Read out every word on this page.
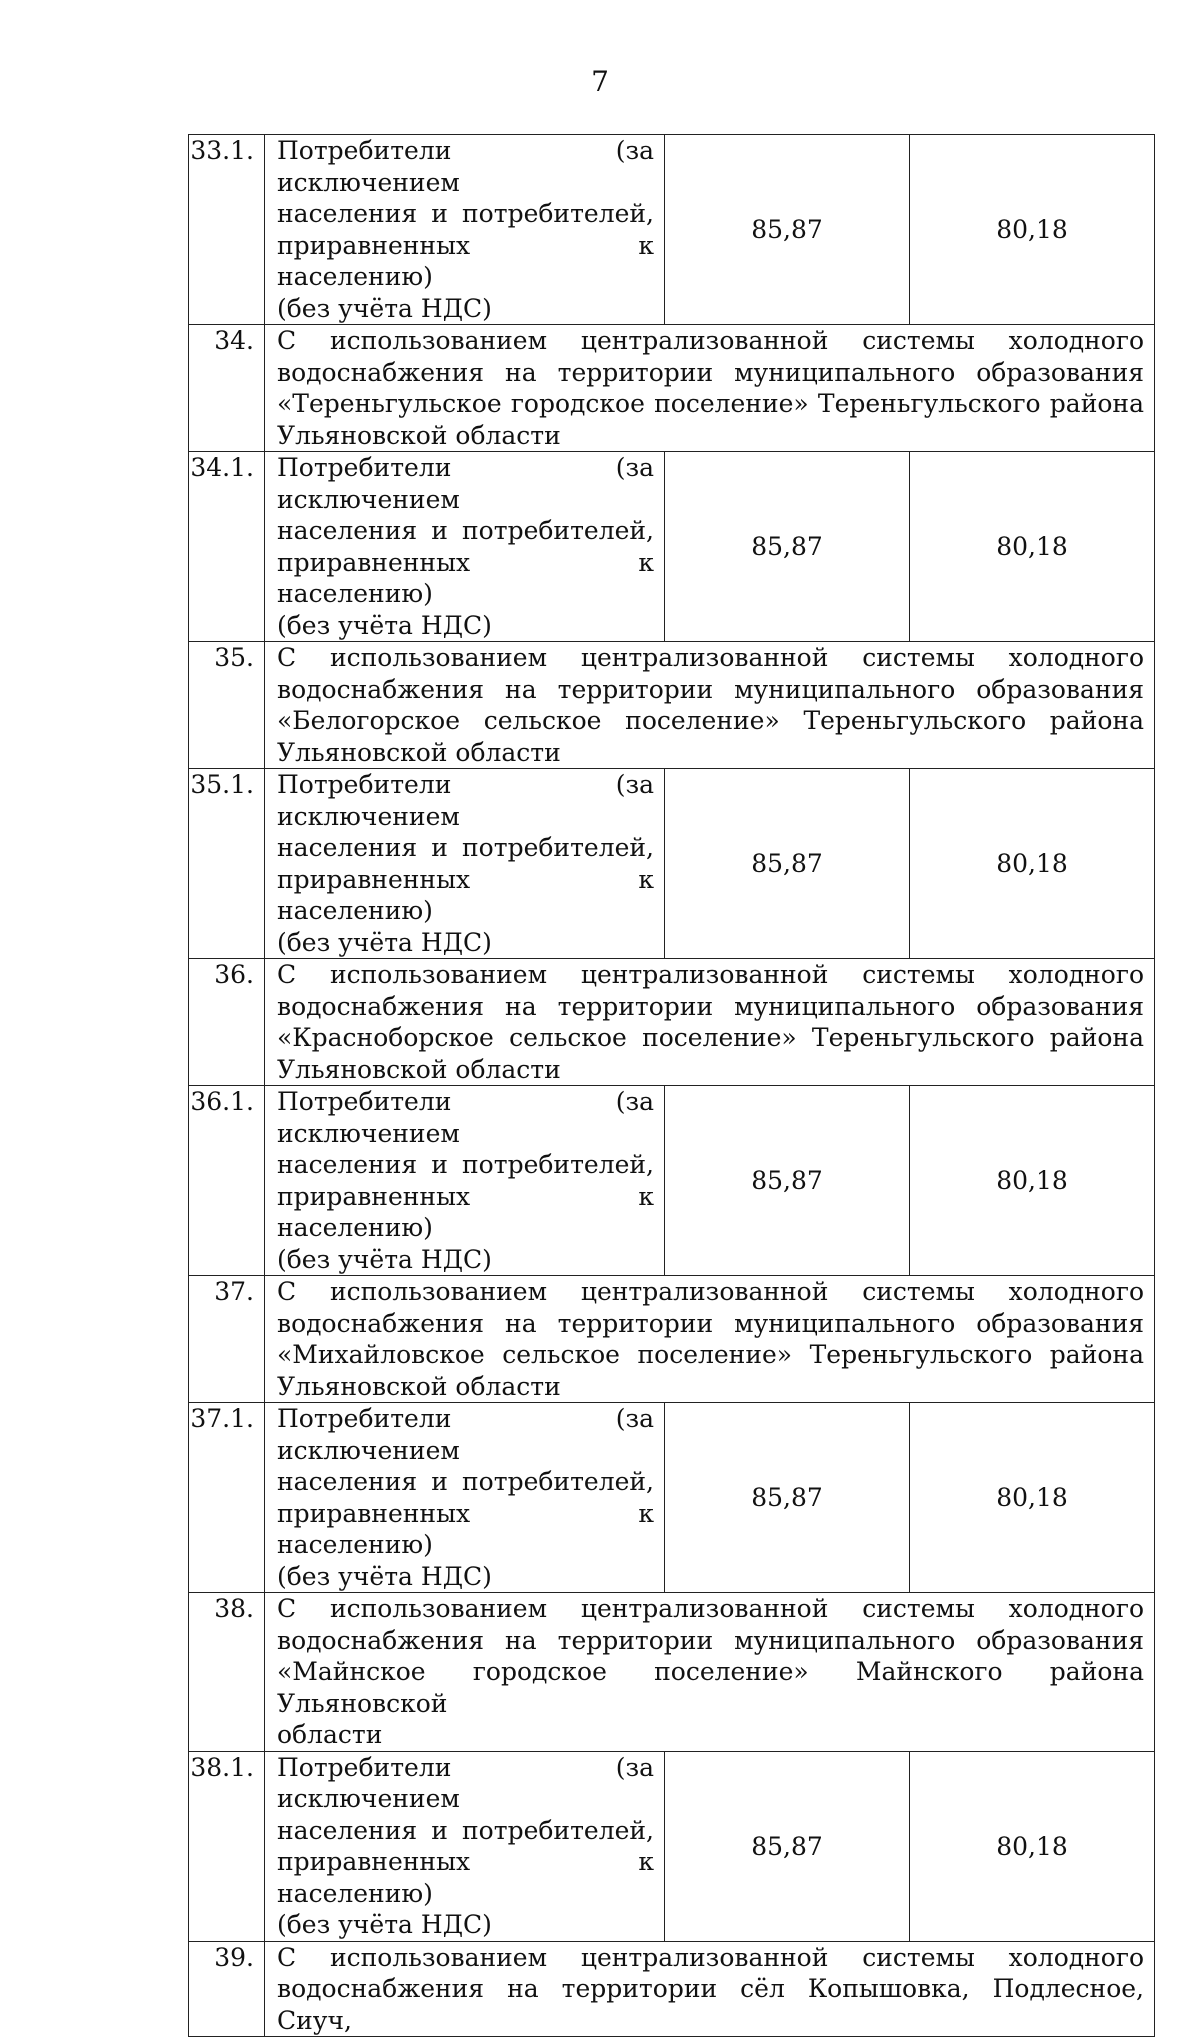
7
33.1.	Потребители (за исключением
населения и потребителей,
приравненных к населению)
(без учёта НДС)	85,87	80,18
34.	С использованием централизованной системы холодного
водоснабжения на территории муниципального образования
«Тереньгульское городское поселение» Тереньгульского района
Ульяновской области		

34.1.	Потребители (за исключением
населения и потребителей,
приравненных к населению)
(без учёта НДС)	85,87	80,18
35.	С использованием централизованной системы холодного
водоснабжения на территории муниципального образования
«Белогорское сельское поселение» Тереньгульского района
Ульяновской области		

35.1.	Потребители (за исключением
населения и потребителей,
приравненных к населению)
(без учёта НДС)	85,87	80,18
36.	С использованием централизованной системы холодного
водоснабжения на территории муниципального образования
«Красноборское сельское поселение» Тереньгульского района
Ульяновской области		

36.1.	Потребители (за исключением
населения и потребителей,
приравненных к населению)
(без учёта НДС)	85,87	80,18
37.	С использованием централизованной системы холодного
водоснабжения на территории муниципального образования
«Михайловское сельское поселение» Тереньгульского района
Ульяновской области		

37.1.	Потребители (за исключением
населения и потребителей,
приравненных к населению)
(без учёта НДС)	85,87	80,18
38.	С использованием централизованной системы холодного
водоснабжения на территории муниципального образования
«Майнское городское поселение» Майнского района Ульяновской
области		

38.1.	Потребители (за исключением
населения и потребителей,
приравненных к населению)
(без учёта НДС)	85,87	80,18
39.	С использованием централизованной системы холодного
водоснабжения на территории сёл Копышовка, Подлесное, Сиуч,		
